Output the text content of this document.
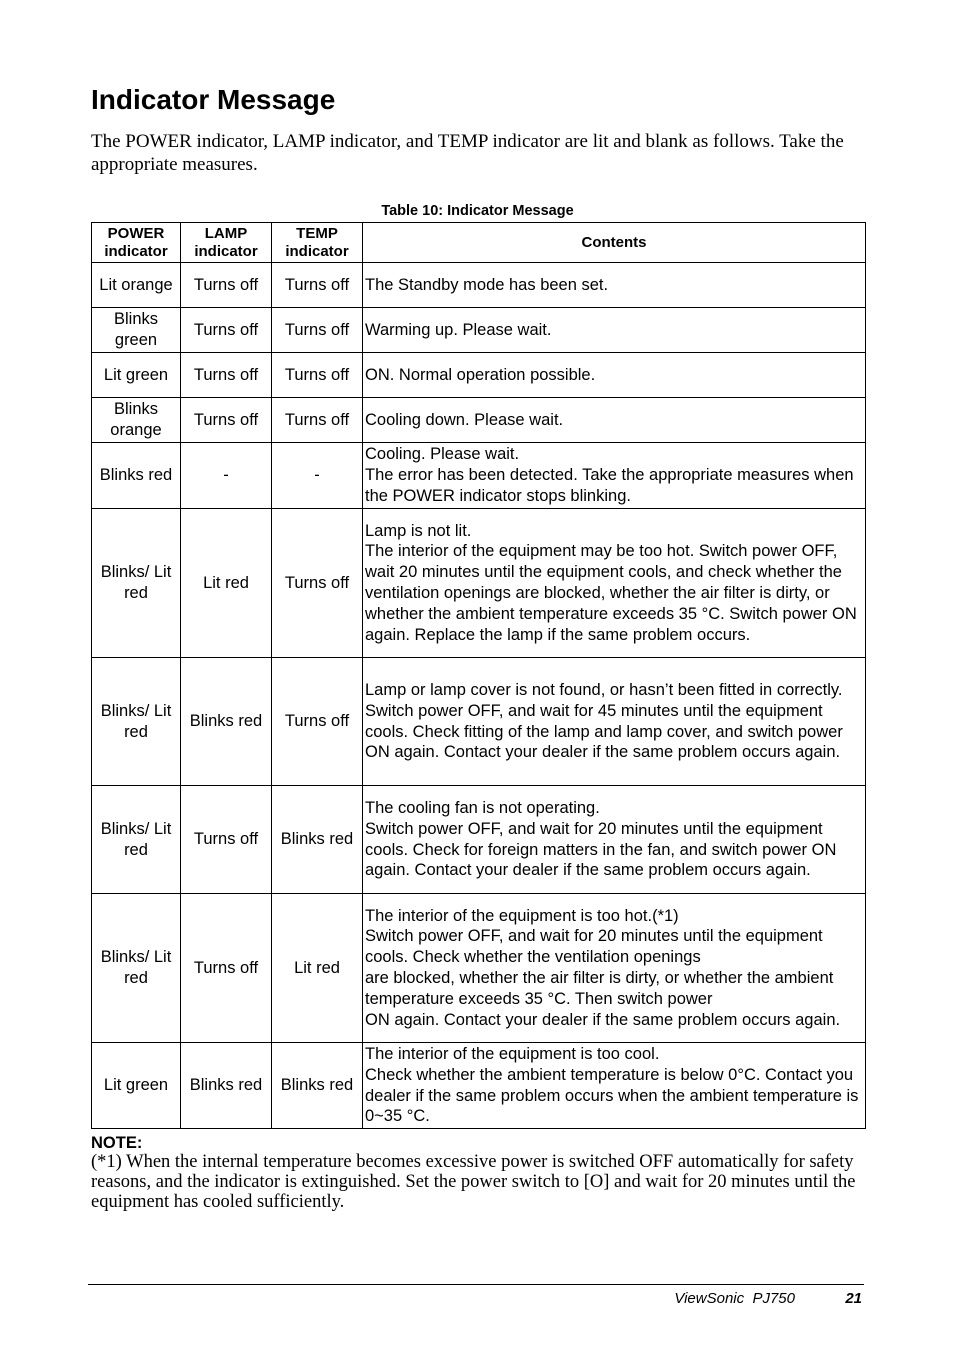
Indicator Message

The POWER indicator, LAMP indicator, and TEMP indicator are lit and blank as follows. Take the appropriate measures.

Table 10: Indicator Message
POWER indicator	LAMP indicator	TEMP indicator	Contents
Lit orange	Turns off	Turns off	The Standby mode has been set.

Blinks green	Turns off	Turns off	Warming up. Please wait.

Lit green	Turns off	Turns off	ON. Normal operation possible.

Blinks orange	Turns off	Turns off	Cooling down. Please wait.

Blinks red	-	-	Cooling. Please wait.
The error has been detected. Take the appropriate measures when the POWER indicator stops blinking.

Blinks/ Lit red	Lit red	Turns off	Lamp is not lit.
The interior of the equipment may be too hot. Switch power OFF, wait 20 minutes until the equipment cools, and check whether the ventilation openings are blocked, whether the air filter is dirty, or whether the ambient temperature exceeds 35 °C. Switch power ON again. Replace the lamp if the same problem occurs.

Blinks/ Lit red	Blinks red	Turns off	Lamp or lamp cover is not found, or hasn’t been fitted in correctly.
Switch power OFF, and wait for 45 minutes until the equipment cools. Check fitting of the lamp and lamp cover, and switch power ON again. Contact your dealer if the same problem occurs again.

Blinks/ Lit red	Turns off	Blinks red	The cooling fan is not operating.
Switch power OFF, and wait for 20 minutes until the equipment cools. Check for foreign matters in the fan, and switch power ON again. Contact your dealer if the same problem occurs again.

Blinks/ Lit red	Turns off	Lit red	The interior of the equipment is too hot.(*1)
Switch power OFF, and wait for 20 minutes until the equipment cools. Check whether the ventilation openings
are blocked, whether the air filter is dirty, or whether the ambient temperature exceeds 35 °C. Then switch power
ON again. Contact your dealer if the same problem occurs again.

Lit green	Blinks red	Blinks red	The interior of the equipment is too cool.
Check whether the ambient temperature is below 0°C. Contact you dealer if the same problem occurs when the ambient temperature is 0~35 °C.
NOTE:

(*1) When the internal temperature becomes excessive power is switched OFF automatically for safety reasons, and the indicator is extinguished. Set the power switch to [O] and wait for 20 minutes until the equipment has cooled sufficiently.

ViewSonic  PJ750	21
